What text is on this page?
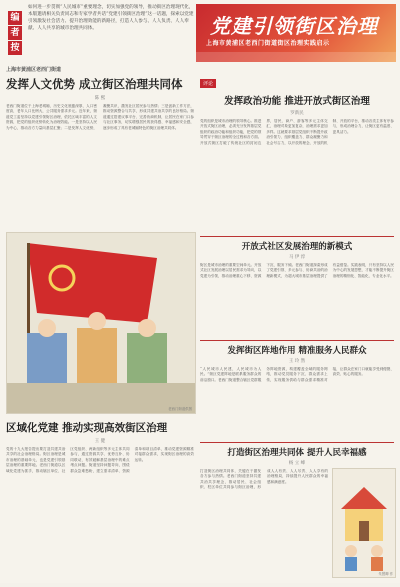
编
者
按
如何进一步贯彻“人民城市”重要理念，切实加强党的领导，推动街区治理现代化，本版邀请相关负责同志和专家学者共话“党建引领街区治理”这一话题，探索以党建引领激发社会活力、提升治理效能的新路径，打造人人参与、人人负责、人人奉献、人人共享的城市治理共同体。	党建引领街区治理
上海市黄浦区老西门街道街区治理实践启示
上海市黄浦区老西门街道
发挥人文优势 成立街区治理共同体
陈 熙
老西门街道位于上海老城厢，历史文化底蕴深厚，人口密度高，老年人口比例大，公共服务需求多元。近年来，街道党工委坚持以党建引领街区治理，依托区域丰富的人文资源，把党的组织优势转化为治理效能。一是坚持以人民为中心，推动各方力量向基层汇聚；二是发挥人文优势，凝聚共识，激发社区居民参与热情；三是创新工作方法，推动资源整合与共享，形成共建共治共享的良好格局。街道通过搭建议事平台、完善协商机制，让居民在家门口参与社区事务，切实增强居民的获得感、幸福感和安全感，逐步形成了具有老城厢特色的街区治理共同体。
老西门街道供图
区域化党建 推动实现高效街区治理
王 健
党的十九大报告提出要打造共建共治共享的社会治理格局。街区治理是城市治理的基础单元，也是党建引领基层治理的重要阵地。老西门街道以区域化党建为抓手，推动辖区单位、社区党组织、两新组织等多元主体共同参与，通过资源共享、优势互补、协同联动，有效破解基层治理中的难点堵点问题。街道坚持问题导向，围绕群众急难愁盼，建立需求清单、资源清单和项目清单，推动党建资源精准对接群众需求，实现街区治理的高效运转。
评论
发挥政治功能 推进开放式街区治理
罗新民
党的组织是城市治理的领导核心。推进开放式街区治理，必须充分发挥基层党组织的政治功能和组织功能，把党的领导贯穿于街区治理的全过程和各方面。开放式街区打破了传统社区的封闭边界，居民、商户、游客等多元主体交汇，治理对象更加复杂，治理需求更加多样。这就要求基层党组织不断提升政治引领力、组织覆盖力、群众凝聚力和社会号召力，以开放的理念、开放的机制、开放的平台，推动各类主体有序参与，形成治理合力，让街区更有温度、更具活力。
开放式社区发展治理的新模式
马 伊 淳
街区是城市治理的重要空间单元。开放式社区发展治理以居民需求为导向，以党建为引领，推动治理重心下移、资源下沉、服务下倾。老西门街道探索形成了党建引领、多元参与、协商共治的治理新模式，为超大城市基层治理提供了有益借鉴。实践表明，只有坚持以人民为中心的发展思想，才能不断提升街区治理的精细化、智能化、专业化水平。
发挥街区阵地作用 精准服务人民群众
王 玲 然
“人民城市人民建，人民城市为人民。”街区党建阵地是联系服务群众的前沿窗口。老西门街道整合辖区党群服务阵地资源，构建覆盖全域的服务网络，推动党员服务下沉、群众需求上传，实现服务供给与群众需求精准对接，让群众在家门口就能享受到便捷、高效、贴心的服务。
打造街区治理共同体 提升人民幸福感
杨 立 峰
打造街区治理共同体，关键在于激发各方参与热情。老西门街道坚持共建共治共享理念，推动居民、社会组织、驻区单位共同参与街区治理，形成人人有责、人人尽责、人人享有的治理格局，持续提升人民群众的幸福感和满意度。
朱慧卿 作
